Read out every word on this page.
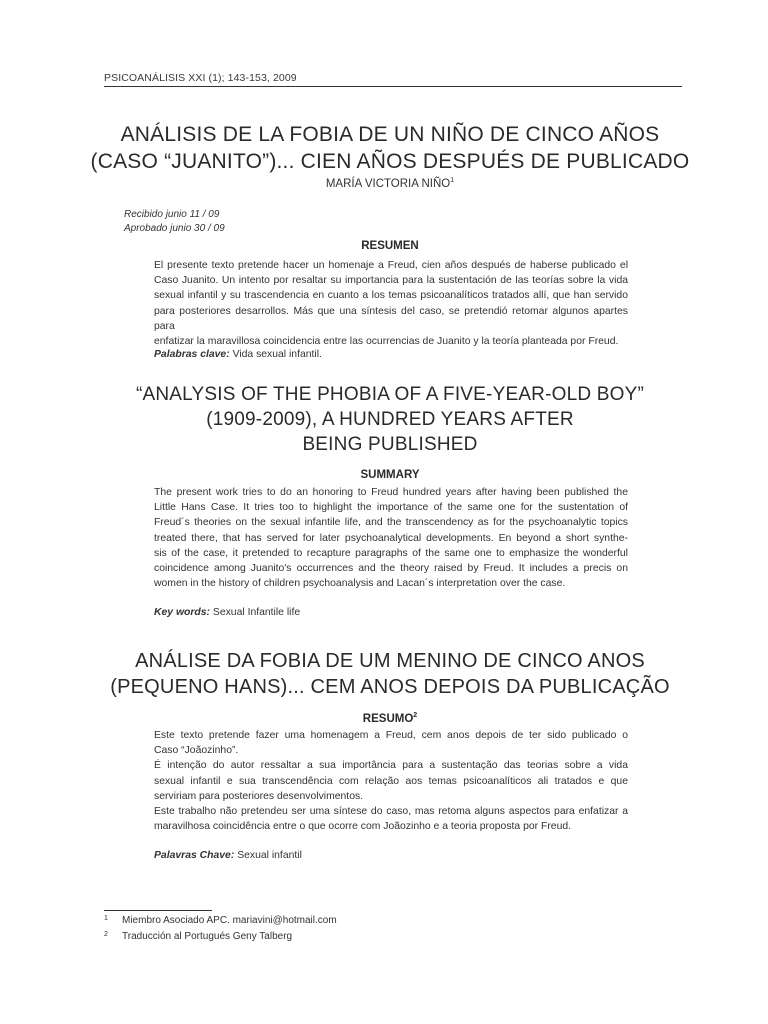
PSICOANÁLISIS XXI (1); 143-153, 2009
ANÁLISIS DE LA FOBIA DE UN NIÑO DE CINCO AÑOS
(CASO “JUANITO”)... CIEN AÑOS DESPUÉS DE PUBLICADO
MARÍA VICTORIA NIÑO$^1$
Recibido junio 11 / 09
Aprobado junio 30 / 09
RESUMEN

El presente texto pretende hacer un homenaje a Freud, cien años después de haberse publicado el
Caso Juanito. Un intento por resaltar su importancia para la sustentación de las teorías sobre la vida
sexual infantil y su trascendencia en cuanto a los temas psicoanalíticos tratados allí, que han servido
para posteriores desarrollos. Más que una síntesis del caso, se pretendió retomar algunos apartes para
enfatizar la maravillosa coincidencia entre las ocurrencias de Juanito y la teoría planteada por Freud.

Palabras clave: Vida sexual infantil.
“ANALYSIS OF THE PHOBIA OF A FIVE-YEAR-OLD BOY”
(1909-2009), A HUNDRED YEARS AFTER
BEING PUBLISHED
SUMMARY

The present work tries to do an honoring to Freud hundred years after having been published the
Little Hans Case. It tries too to highlight the importance of the same one for the sustentation of
Freud´s theories on the sexual infantile life, and the transcendency as for the psychoanalytic topics
treated there, that has served for later psychoanalytical developments. En beyond a short synthe-
sis of the case, it pretended to recapture paragraphs of the same one to emphasize the wonderful
coincidence among Juanito's occurrences and the theory raised by Freud. It includes a precis on
women in the history of children psychoanalysis and Lacan´s interpretation over the case.

Key words: Sexual Infantile life
ANÁLISE DA FOBIA DE UM MENINO DE CINCO ANOS
(PEQUENO HANS)... CEM ANOS DEPOIS DA PUBLICAÇÃO
RESUMO$^2$

Este texto pretende fazer uma homenagem a Freud, cem anos depois de ter sido publicado o
Caso “Joãozinho”.
É intenção do autor ressaltar a sua importância para a sustentação das teorias sobre a vida
sexual infantil e sua transcendência com relação aos temas psicoanalíticos ali tratados e que
serviriam para posteriores desenvolvimentos.
Este trabalho não pretendeu ser uma síntese do caso, mas retoma alguns aspectos para enfatizar a
maravilhosa coincidência entre o que ocorre com Joãozinho e a teoria proposta por Freud.

Palavras Chave: Sexual infantil
1 Miembro Asociado APC. mariavini@hotmail.com
2 Traducción al Portugués Geny Talberg
